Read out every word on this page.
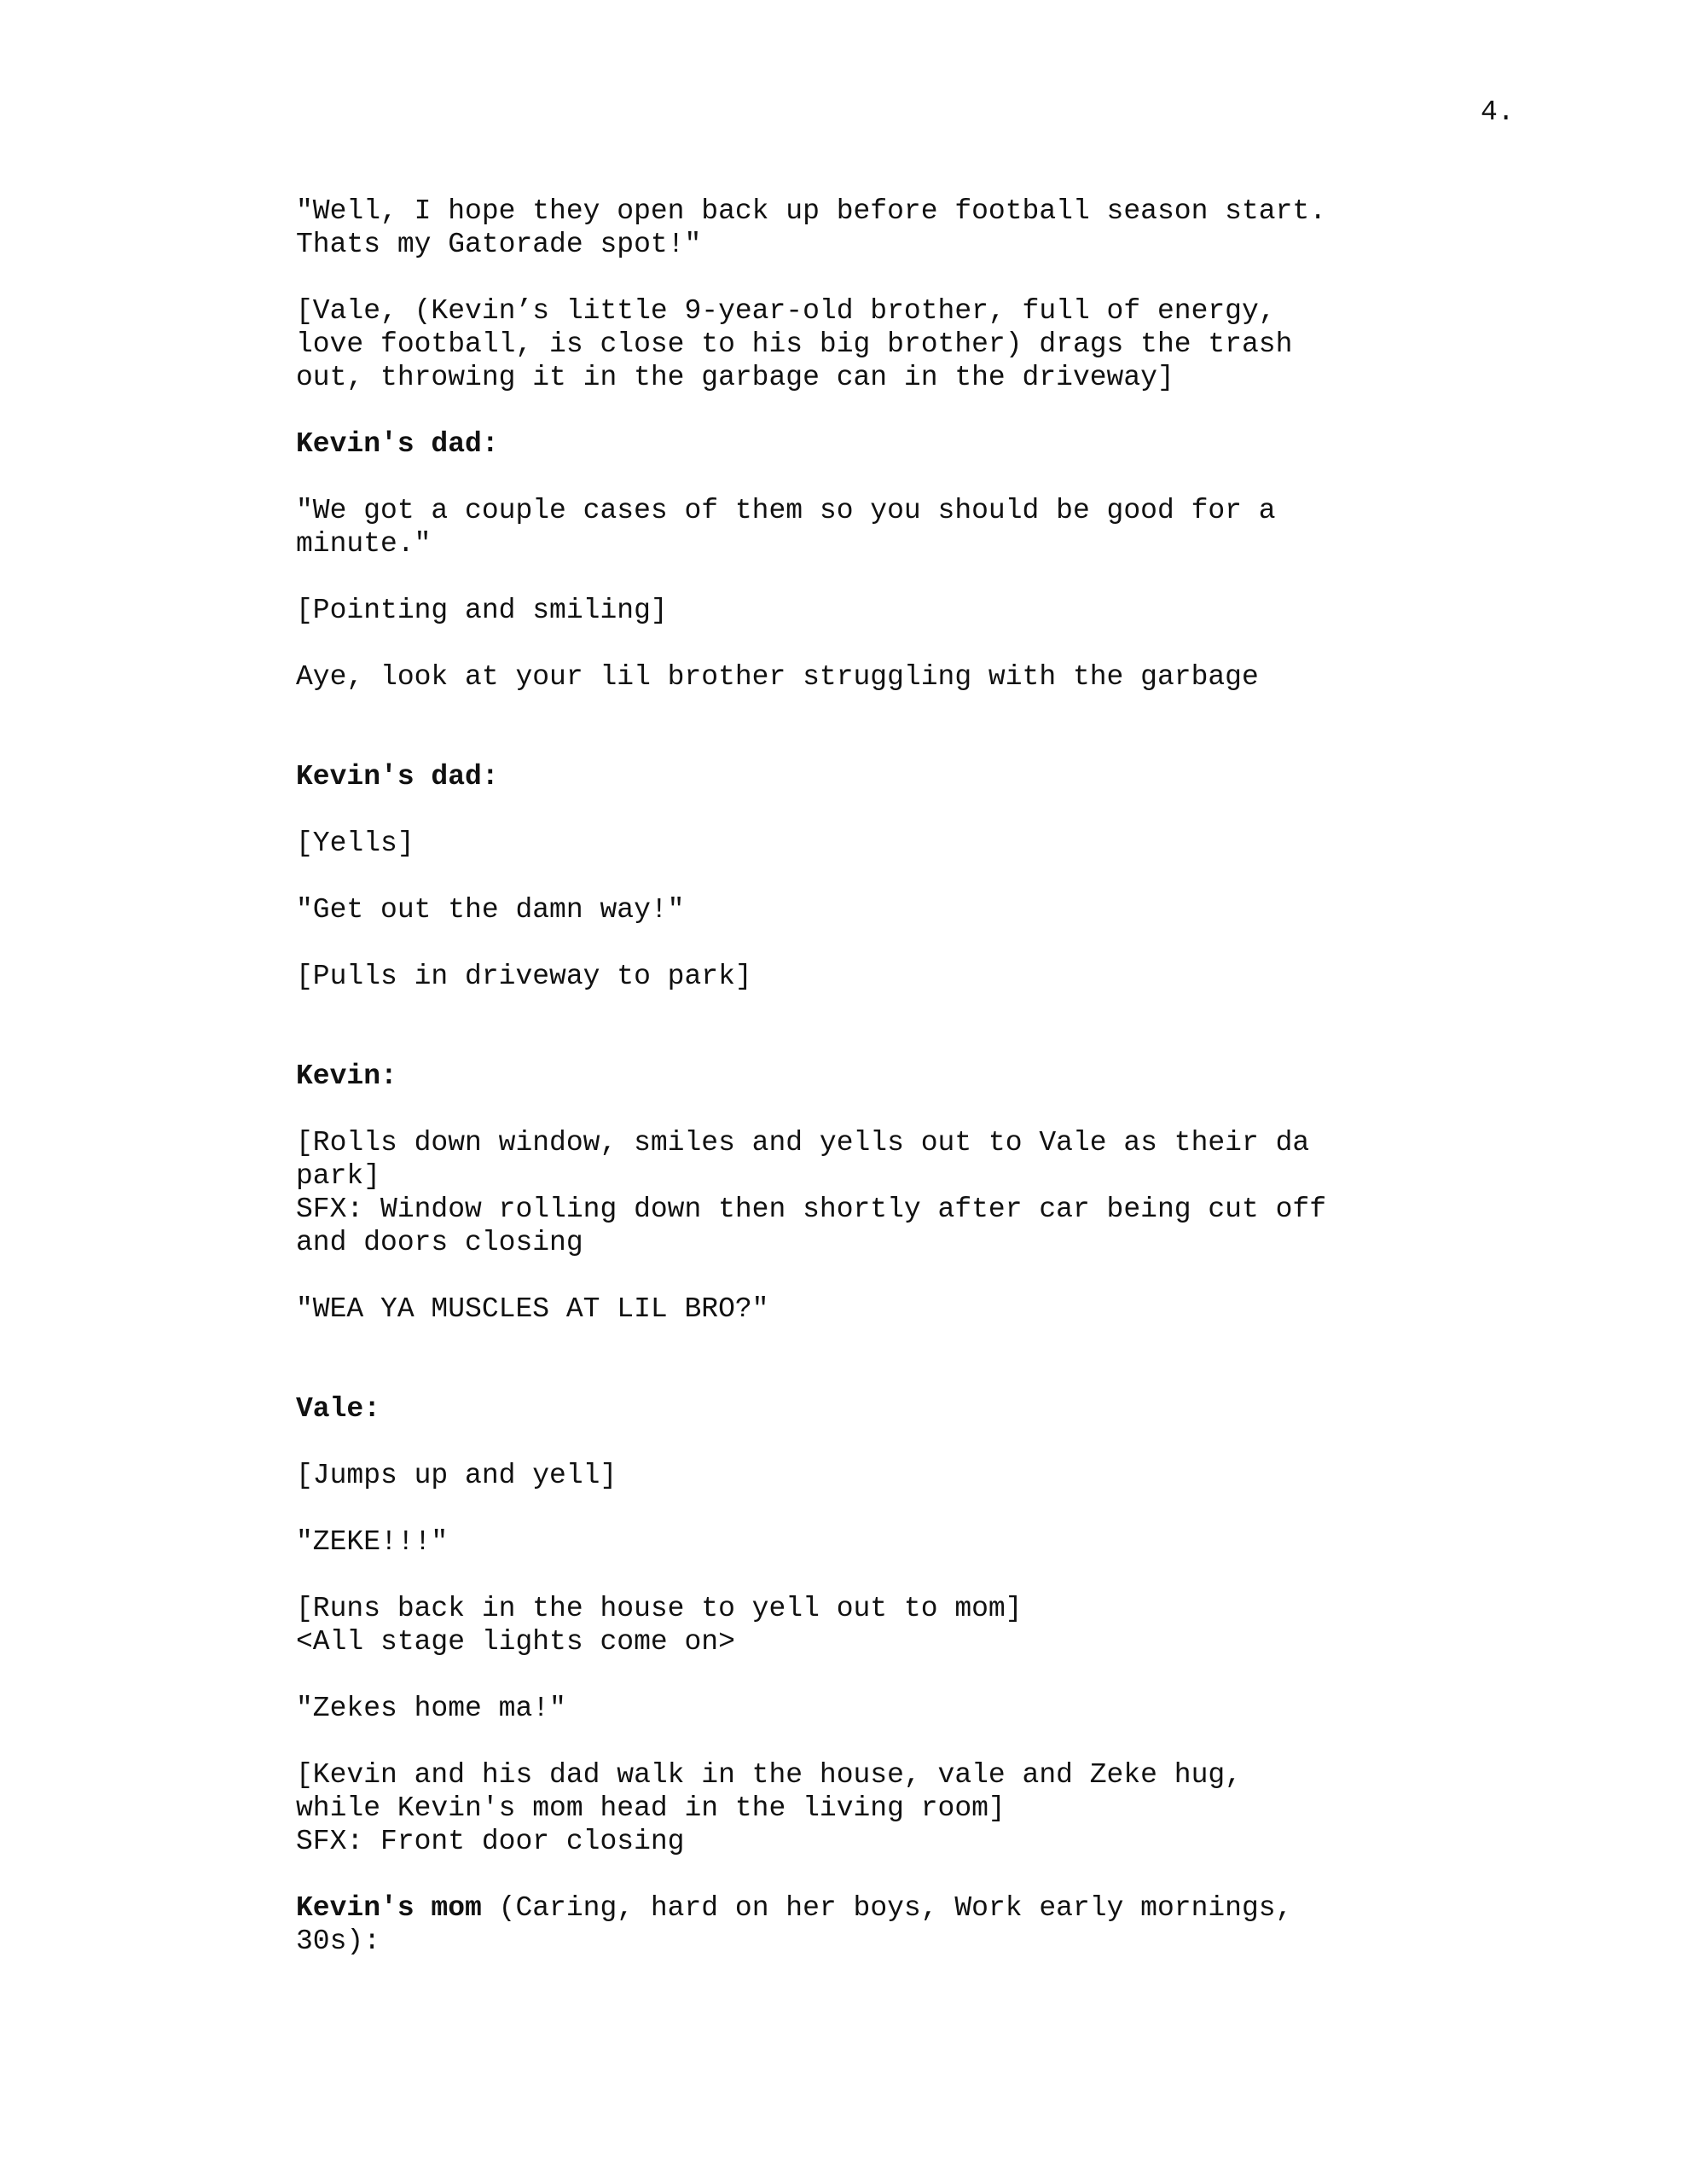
4.
"Well, I hope they open back up before football season start.
Thats my Gatorade spot!"
[Vale, (Kevin’s little 9-year-old brother, full of energy,
love football, is close to his big brother) drags the trash
out, throwing it in the garbage can in the driveway]
Kevin's dad:
"We got a couple cases of them so you should be good for a
minute."
[Pointing and smiling]
Aye, look at your lil brother struggling with the garbage
Kevin's dad:
[Yells]
"Get out the damn way!"
[Pulls in driveway to park]
Kevin:
[Rolls down window, smiles and yells out to Vale as their da
park]
SFX: Window rolling down then shortly after car being cut off
and doors closing
"WEA YA MUSCLES AT LIL BRO?"
Vale:
[Jumps up and yell]
"ZEKE!!!"
[Runs back in the house to yell out to mom]
<All stage lights come on>
"Zekes home ma!"
[Kevin and his dad walk in the house, vale and Zeke hug,
while Kevin's mom head in the living room]
SFX: Front door closing
Kevin's mom (Caring, hard on her boys, Work early mornings,
30s):
